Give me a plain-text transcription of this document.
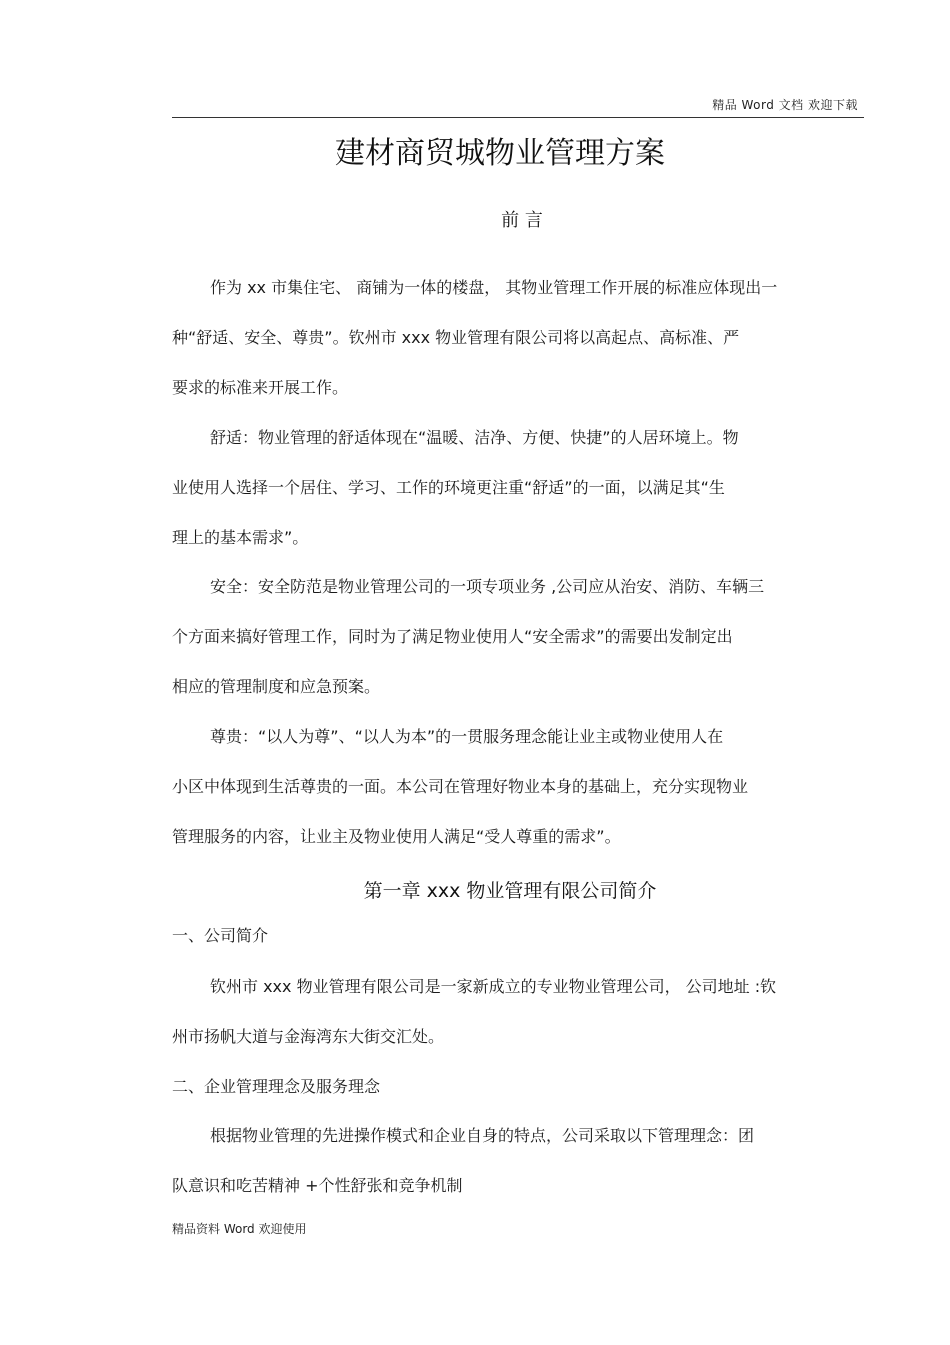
精品 Word 文档 欢迎下载
建材商贸城物业管理方案
前 言
作为 xx 市集住宅、 商铺为一体的楼盘， 其物业管理工作开展的标准应体现出一
种“舒适、安全、尊贵”。钦州市 xxx 物业管理有限公司将以高起点、高标准、严
要求的标准来开展工作。
舒适：物业管理的舒适体现在“温暖、洁净、方便、快捷”的人居环境上。物
业使用人选择一个居住、学习、工作的环境更注重“舒适”的一面，以满足其“生
理上的基本需求”。
安全：安全防范是物业管理公司的一项专项业务 ,公司应从治安、消防、车辆三
个方面来搞好管理工作，同时为了满足物业使用人“安全需求”的需要出发制定出
相应的管理制度和应急预案。
尊贵：“以人为尊”、“以人为本”的一贯服务理念能让业主或物业使用人在
小区中体现到生活尊贵的一面。本公司在管理好物业本身的基础上，充分实现物业
管理服务的内容，让业主及物业使用人满足“受人尊重的需求”。
第一章 xxx 物业管理有限公司简介
一、公司简介
钦州市 xxx 物业管理有限公司是一家新成立的专业物业管理公司， 公司地址 :钦
州市扬帆大道与金海湾东大街交汇处。
二、企业管理理念及服务理念
根据物业管理的先进操作模式和企业自身的特点，公司采取以下管理理念：团
队意识和吃苦精神 +个性舒张和竞争机制
精品资料 Word 欢迎使用
